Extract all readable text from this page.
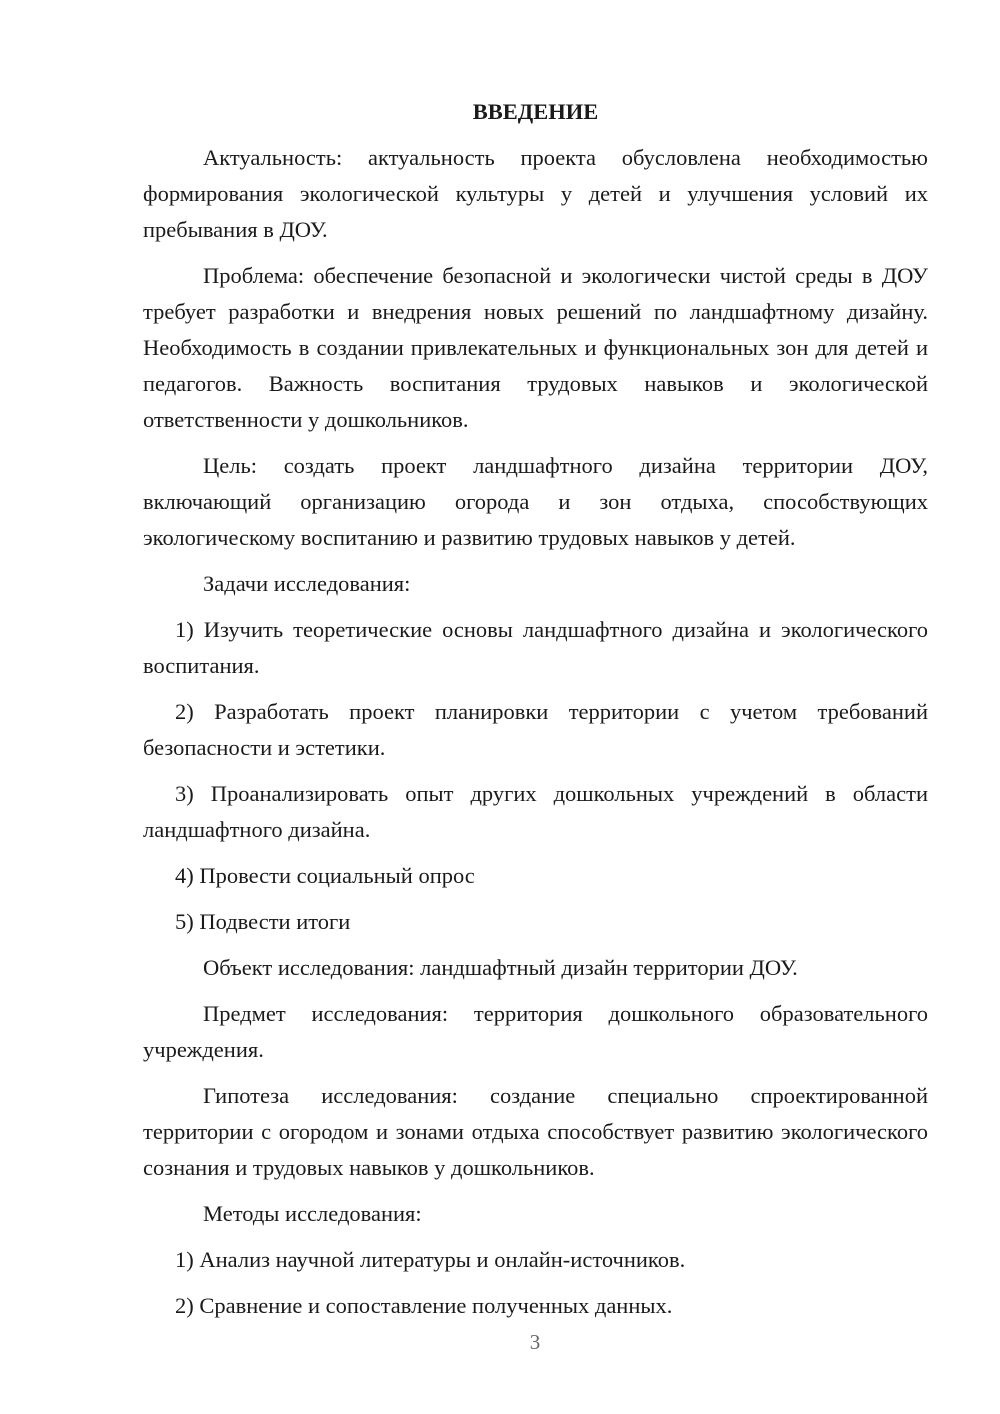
ВВЕДЕНИЕ

Актуальность: актуальность проекта обусловлена необходимостью формирования экологической культуры у детей и улучшения условий их пребывания в ДОУ.

Проблема: обеспечение безопасной и экологически чистой среды в ДОУ требует разработки и внедрения новых решений по ландшафтному дизайну. Необходимость в создании привлекательных и функциональных зон для детей и педагогов. Важность воспитания трудовых навыков и экологической ответственности у дошкольников.

Цель: создать проект ландшафтного дизайна территории ДОУ, включающий организацию огорода и зон отдыха, способствующих экологическому воспитанию и развитию трудовых навыков у детей.

Задачи исследования:

1) Изучить теоретические основы ландшафтного дизайна и экологического воспитания.

2) Разработать проект планировки территории с учетом требований безопасности и эстетики.

3) Проанализировать опыт других дошкольных учреждений в области ландшафтного дизайна.

4) Провести социальный опрос

5) Подвести итоги

Объект исследования: ландшафтный дизайн территории ДОУ.

Предмет исследования: территория дошкольного образовательного учреждения.

Гипотеза исследования: создание специально спроектированной территории с огородом и зонами отдыха способствует развитию экологического сознания и трудовых навыков у дошкольников.

Методы исследования:

1) Анализ научной литературы и онлайн-источников.

2) Сравнение и сопоставление полученных данных.

3
